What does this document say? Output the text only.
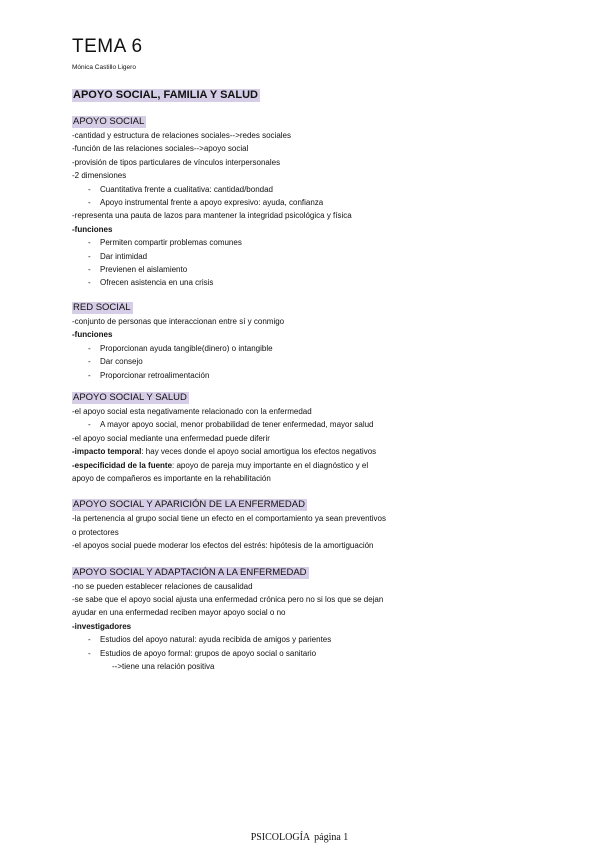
TEMA 6
Mónica Castillo Ligero
APOYO SOCIAL, FAMILIA Y SALUD
APOYO SOCIAL
-cantidad y estructura de relaciones sociales-->redes sociales
-función de las relaciones sociales-->apoyo social
-provisión de tipos particulares de vínculos interpersonales
-2 dimensiones
- Cuantitativa frente a cualitativa: cantidad/bondad
- Apoyo instrumental frente a apoyo expresivo: ayuda, confianza
-representa una pauta de lazos para mantener la integridad psicológica y física
-funciones
- Permiten compartir problemas comunes
- Dar intimidad
- Previenen el aislamiento
- Ofrecen asistencia en una crisis
RED SOCIAL
-conjunto de personas que interaccionan entre sí y conmigo
-funciones
- Proporcionan ayuda tangible(dinero) o intangible
- Dar consejo
- Proporcionar retroalimentación
APOYO SOCIAL Y SALUD
-el apoyo social esta negativamente relacionado con la enfermedad
- A mayor apoyo social, menor probabilidad de tener enfermedad, mayor salud
-el apoyo social mediante una enfermedad puede diferir
-impacto temporal: hay veces donde el apoyo social amortigua los efectos negativos
-especificidad de la fuente: apoyo de pareja muy importante en el diagnóstico y el apoyo de compañeros es importante en la rehabilitación
APOYO SOCIAL Y APARICIÓN DE LA ENFERMEDAD
-la pertenencia al grupo social tiene un efecto en el comportamiento ya sean preventivos o protectores
-el apoyos social puede moderar los efectos del estrés: hipótesis de la amortiguación
APOYO SOCIAL Y ADAPTACIÓN A LA ENFERMEDAD
-no se pueden establecer relaciones de causalidad
-se sabe que el apoyo social ajusta una enfermedad crónica pero no si los que se dejan ayudar en una enfermedad reciben mayor apoyo social o no
-investigadores
- Estudios del apoyo natural: ayuda recibida de amigos y parientes
- Estudios de apoyo formal: grupos de apoyo social o sanitario
-->tiene una relación positiva
PSICOLOGÍA página 1
